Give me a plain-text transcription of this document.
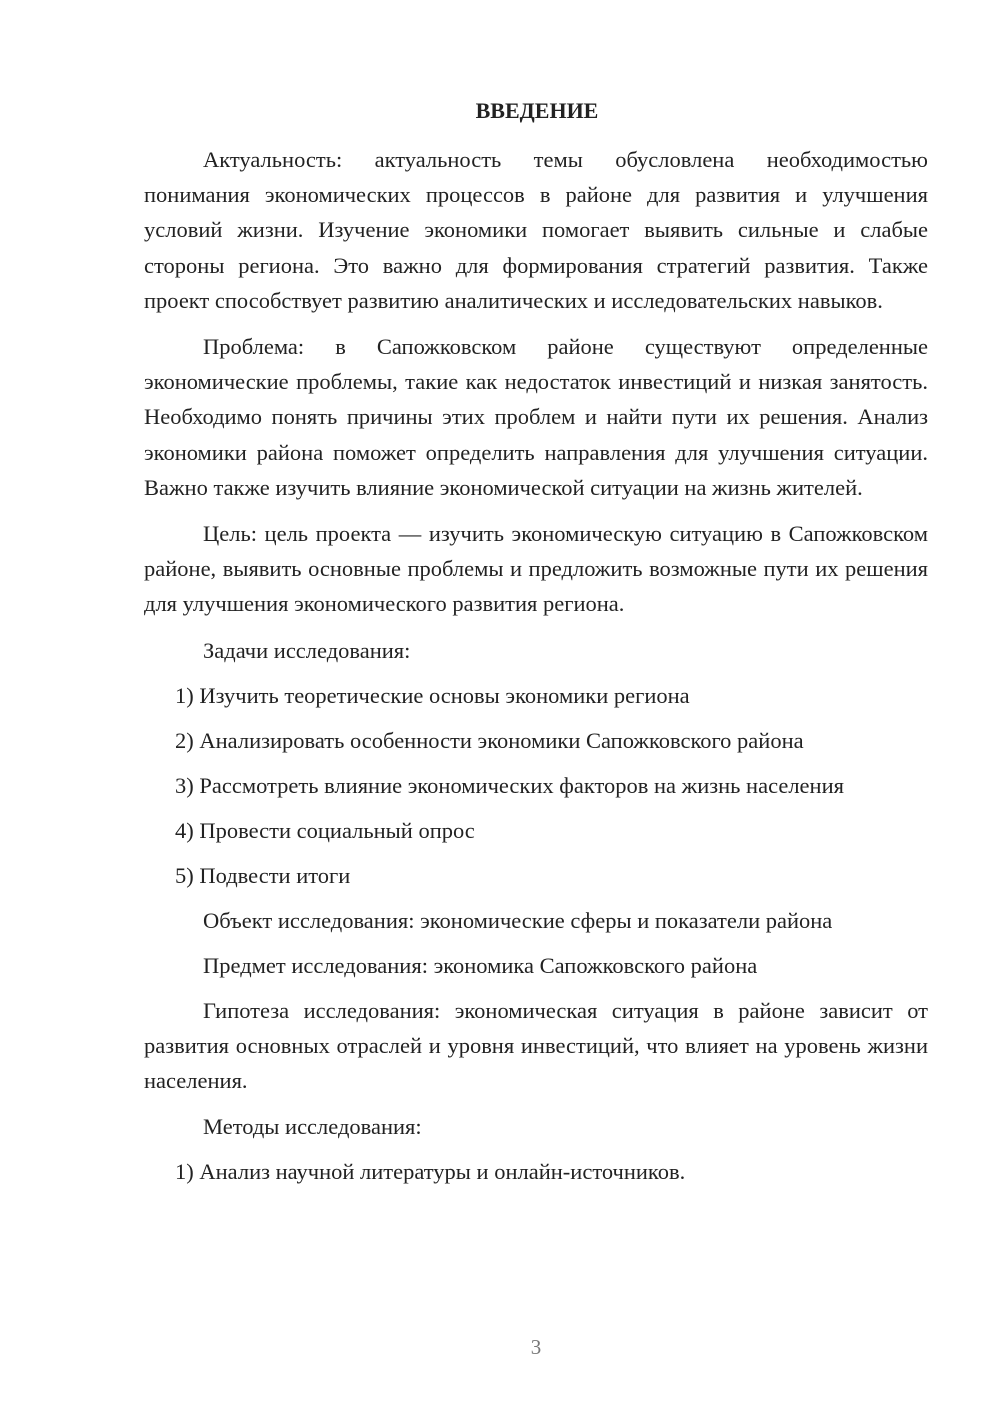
ВВЕДЕНИЕ

Актуальность: актуальность темы обусловлена необходимостью понимания экономических процессов в районе для развития и улучшения условий жизни. Изучение экономики помогает выявить сильные и слабые стороны региона. Это важно для формирования стратегий развития. Также проект способствует развитию аналитических и исследовательских навыков.

Проблема: в Сапожковском районе существуют определенные экономические проблемы, такие как недостаток инвестиций и низкая занятость. Необходимо понять причины этих проблем и найти пути их решения. Анализ экономики района поможет определить направления для улучшения ситуации. Важно также изучить влияние экономической ситуации на жизнь жителей.

Цель: цель проекта — изучить экономическую ситуацию в Сапожковском районе, выявить основные проблемы и предложить возможные пути их решения для улучшения экономического развития региона.

Задачи исследования:
1) Изучить теоретические основы экономики региона
2) Анализировать особенности экономики Сапожковского района
3) Рассмотреть влияние экономических факторов на жизнь населения
4) Провести социальный опрос
5) Подвести итоги
Объект исследования: экономические сферы и показатели района
Предмет исследования: экономика Сапожковского района

Гипотеза исследования: экономическая ситуация в районе зависит от развития основных отраслей и уровня инвестиций, что влияет на уровень жизни населения.

Методы исследования:
1) Анализ научной литературы и онлайн-источников.
3
